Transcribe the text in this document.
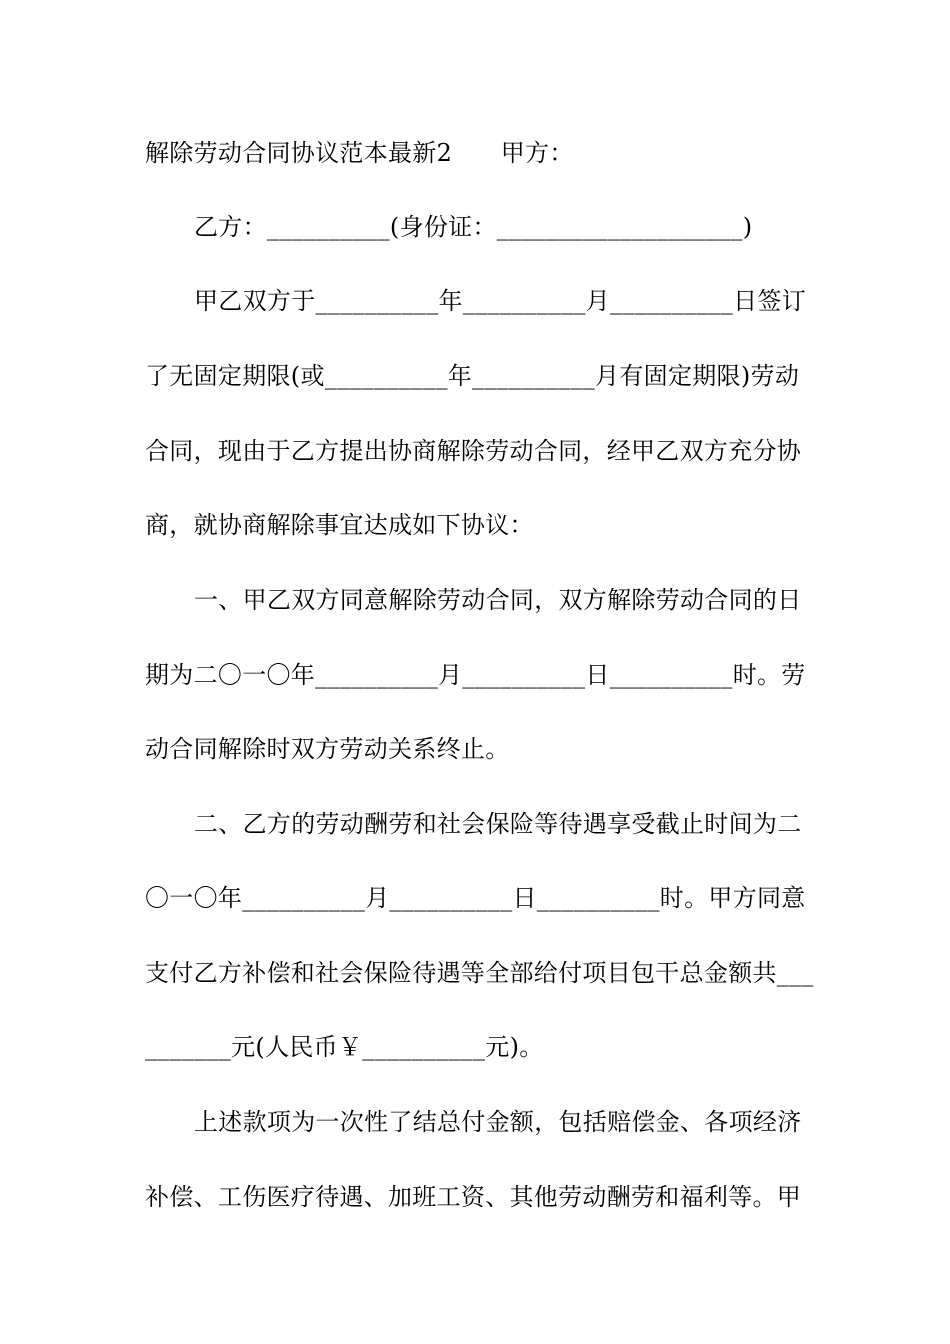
解除劳动合同协议范本最新2　　甲方：
乙方：__________(身份证：____________________)
甲乙双方于__________年__________月__________日签订
了无固定期限(或__________年__________月有固定期限)劳动
合同，现由于乙方提出协商解除劳动合同，经甲乙双方充分协
商，就协商解除事宜达成如下协议：
一、甲乙双方同意解除劳动合同，双方解除劳动合同的日
期为二〇一〇年__________月__________日__________时。劳
动合同解除时双方劳动关系终止。
二、乙方的劳动酬劳和社会保险等待遇享受截止时间为二
〇一〇年__________月__________日__________时。甲方同意
支付乙方补偿和社会保险待遇等全部给付项目包干总金额共___
_______元(人民币￥__________元)。
上述款项为一次性了结总付金额，包括赔偿金、各项经济
补偿、工伤医疗待遇、加班工资、其他劳动酬劳和福利等。甲
